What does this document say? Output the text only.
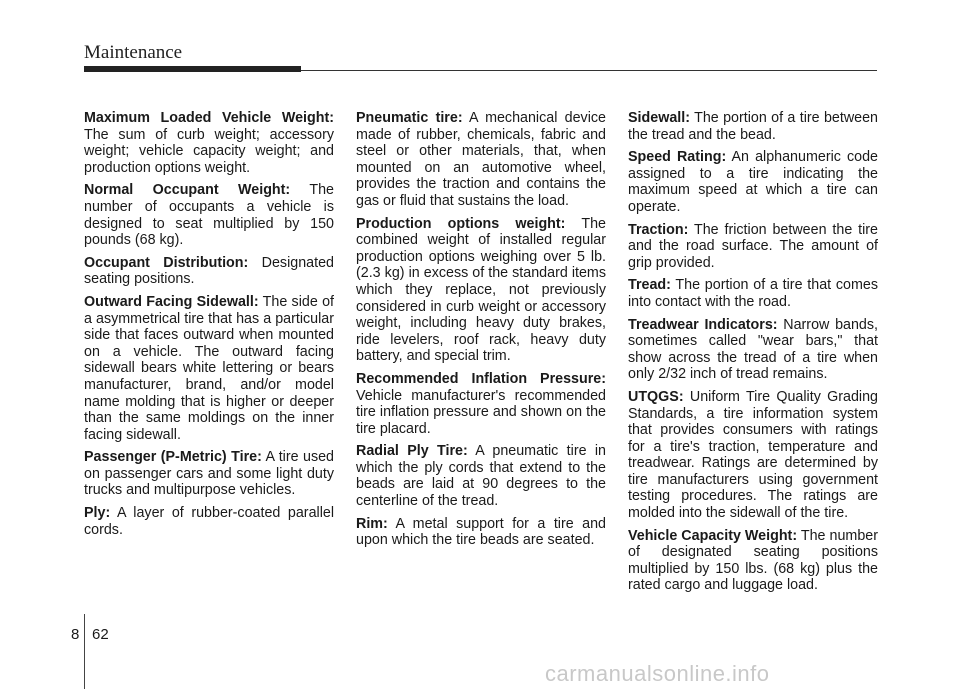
Maintenance

Maximum Loaded Vehicle Weight: The sum of curb weight; accessory weight; vehicle capacity weight; and production options weight.

Normal Occupant Weight: The number of occupants a vehicle is designed to seat multiplied by 150 pounds (68 kg).

Occupant Distribution: Designated seating positions.

Outward Facing Sidewall: The side of a asymmetrical tire that has a particular side that faces outward when mounted on a vehicle. The outward facing sidewall bears white lettering or bears manufacturer, brand, and/or model name molding that is higher or deeper than the same moldings on the inner facing sidewall.

Passenger (P-Metric) Tire: A tire used on passenger cars and some light duty trucks and multipurpose vehicles.

Ply: A layer of rubber-coated parallel cords.

Pneumatic tire: A mechanical device made of rubber, chemicals, fabric and steel or other materials, that, when mounted on an automotive wheel, provides the traction and contains the gas or fluid that sustains the load.

Production options weight: The combined weight of installed regular production options weighing over 5 lb.(2.3 kg) in excess of the standard items which they replace, not previously considered in curb weight or accessory weight, including heavy duty brakes, ride levelers, roof rack, heavy duty battery, and special trim.

Recommended Inflation Pressure: Vehicle manufacturer's recommended tire inflation pressure and shown on the tire placard.

Radial Ply Tire: A pneumatic tire in which the ply cords that extend to the beads are laid at 90 degrees to the centerline of the tread.

Rim: A metal support for a tire and upon which the tire beads are seated.

Sidewall: The portion of a tire between the tread and the bead.

Speed Rating: An alphanumeric code assigned to a tire indicating the maximum speed at which a tire can operate.

Traction: The friction between the tire and the road surface. The amount of grip provided.

Tread: The portion of a tire that comes into contact with the road.

Treadwear Indicators: Narrow bands, sometimes called "wear bars," that show across the tread of a tire when only 2/32 inch of tread remains.

UTQGS: Uniform Tire Quality Grading Standards, a tire information system that provides consumers with ratings for a tire's traction, temperature and treadwear. Ratings are determined by tire manufacturers using government testing procedures. The ratings are molded into the sidewall of the tire.

Vehicle Capacity Weight: The number of designated seating positions multiplied by 150 lbs. (68 kg) plus the rated cargo and luggage load.

8 62
carmanualsonline.info
